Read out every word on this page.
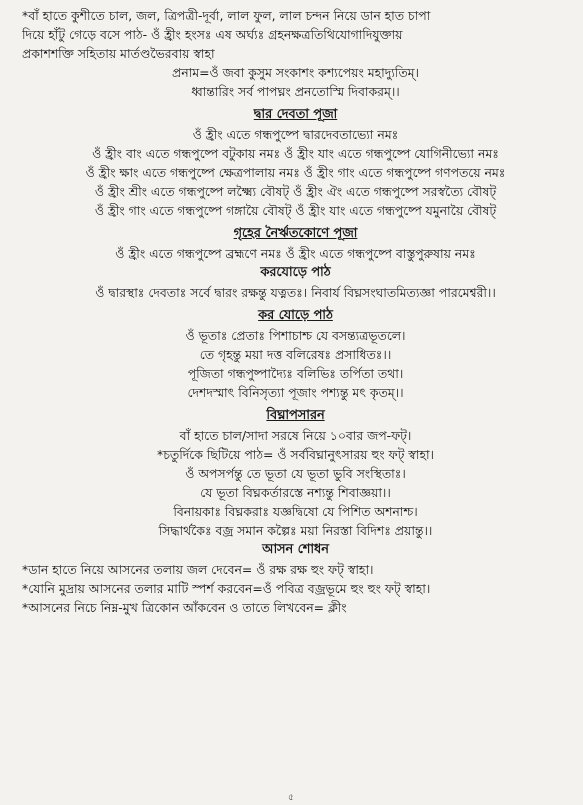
*বাঁ হাতে কুশীতে চাল, জল, ত্রিপত্রী-দূর্বা, লাল ফুল, লাল চন্দন নিয়ে ডান হাত চাপা
দিয়ে হাঁটু গেড়ে বসে পাঠ- ওঁ হ্রীং হংসঃ এষ অর্ঘ্যঃ গ্রহনক্ষত্রতিথিযোগাদিযুক্তায়
প্রকাশশক্তি সহিতায় মার্তণ্ডভৈরবায় স্বাহা
প্রনাম=ওঁ জবা কুসুম সংকাশং কশ্যপেয়ং মহাদ্যুতিম্।
ধ্বান্তারিং সর্ব পাপঘ্নং প্রনতোস্মি দিবাকরম্।।
দ্বার দেবতা পূজা
ওঁ হ্রীং এতে গন্ধপুষ্পে দ্বারদেবতাভ্যো নমঃ
ওঁ হ্রীং বাং এতে গন্ধপুষ্পে বটুকায় নমঃ ওঁ হ্রীং যাং এতে গন্ধপুষ্পে যোগিনীভ্যো নমঃ
ওঁ হ্রীং ক্ষাং এতে গন্ধপুষ্পে ক্ষেত্রপালায় নমঃ ওঁ হ্রীং গাং এতে গন্ধপুষ্পে গণপতয়ে নমঃ
ওঁ হ্রীং শ্রীং এতে গন্ধপুষ্পে লক্ষ্ম্যৈ বৌষট্ ওঁ হ্রীং ঐং এতে গন্ধপুষ্পে সরস্বত্যৈ বৌষট্
ওঁ হ্রীং গাং এতে গন্ধপুষ্পে গঙ্গায়ৈ বৌষট্ ওঁ হ্রীং যাং এতে গন্ধপুষ্পে যমুনায়ৈ বৌষট্
গৃহের নৈর্ঋতকোণে পূজা
ওঁ হ্রীং এতে গন্ধপুষ্পে ব্রহ্মণে নমঃ ওঁ হ্রীং এতে গন্ধপুষ্পে বাস্তুপুরুষায় নমঃ
করযোড়ে পাঠ
ওঁ দ্বারস্থাঃ দেবতাঃ সর্বে দ্বারং রক্ষন্তু যত্নতঃ। নিবার্য বিঘ্নসংঘাতমিত্যজ্ঞা পারমেশ্বরী।।
কর যোড়ে পাঠ
ওঁ ভূতাঃ প্রেতাঃ পিশাচাশ্চ যে বসন্ত্যত্রভূতলে।
তে গৃহন্তু ময়া দত্ত বলিরেষঃ প্রসাধিতঃ।।
পূজিতা গন্ধপুষ্পাদ্যৈঃ বলিভিঃ তর্পিতা তথা।
দেশদস্মাৎ বিনিসৃত্যা পূজাং পশ্যন্তু মৎ কৃতম্।।
বিঘ্নাপসারন
বাঁ হাতে চাল/সাদা সরষে নিয়ে ১০বার জপ-ফট্।
*চতুর্দিকে ছিটিয়ে পাঠ= ওঁ সর্ববিঘ্নানুৎসারয় হুং ফট্ স্বাহা।
ওঁ অপসর্পন্তু তে ভূতা যে ভূতা ভুবি সংস্থিতাঃ।
যে ভূতা বিঘ্নকর্তারস্তে নশ্যন্তু শিবাজ্ঞয়া।।
বিনায়কাঃ বিঘ্নকরাঃ যজ্ঞদ্বিষো যে পিশিত অশনাশ্চ।
সিদ্ধার্থকৈঃ বজ্র সমান কল্পৈঃ ময়া নিরস্তা বিদিশঃ প্রয়ান্তু।।
আসন শোধন
*ডান হাতে নিয়ে আসনের তলায় জল দেবেন= ওঁ রক্ষ রক্ষ হুং ফট্ স্বাহা।
*যোনি মুদ্রায় আসনের তলার মাটি স্পর্শ করবেন=ওঁ পবিত্র বজ্রভূমে হুং হুং ফট্ স্বাহা।
*আসনের নিচে নিম্ন-মুখ ত্রিকোন আঁকবেন ও তাতে লিখবেন= ক্লীং
৫
